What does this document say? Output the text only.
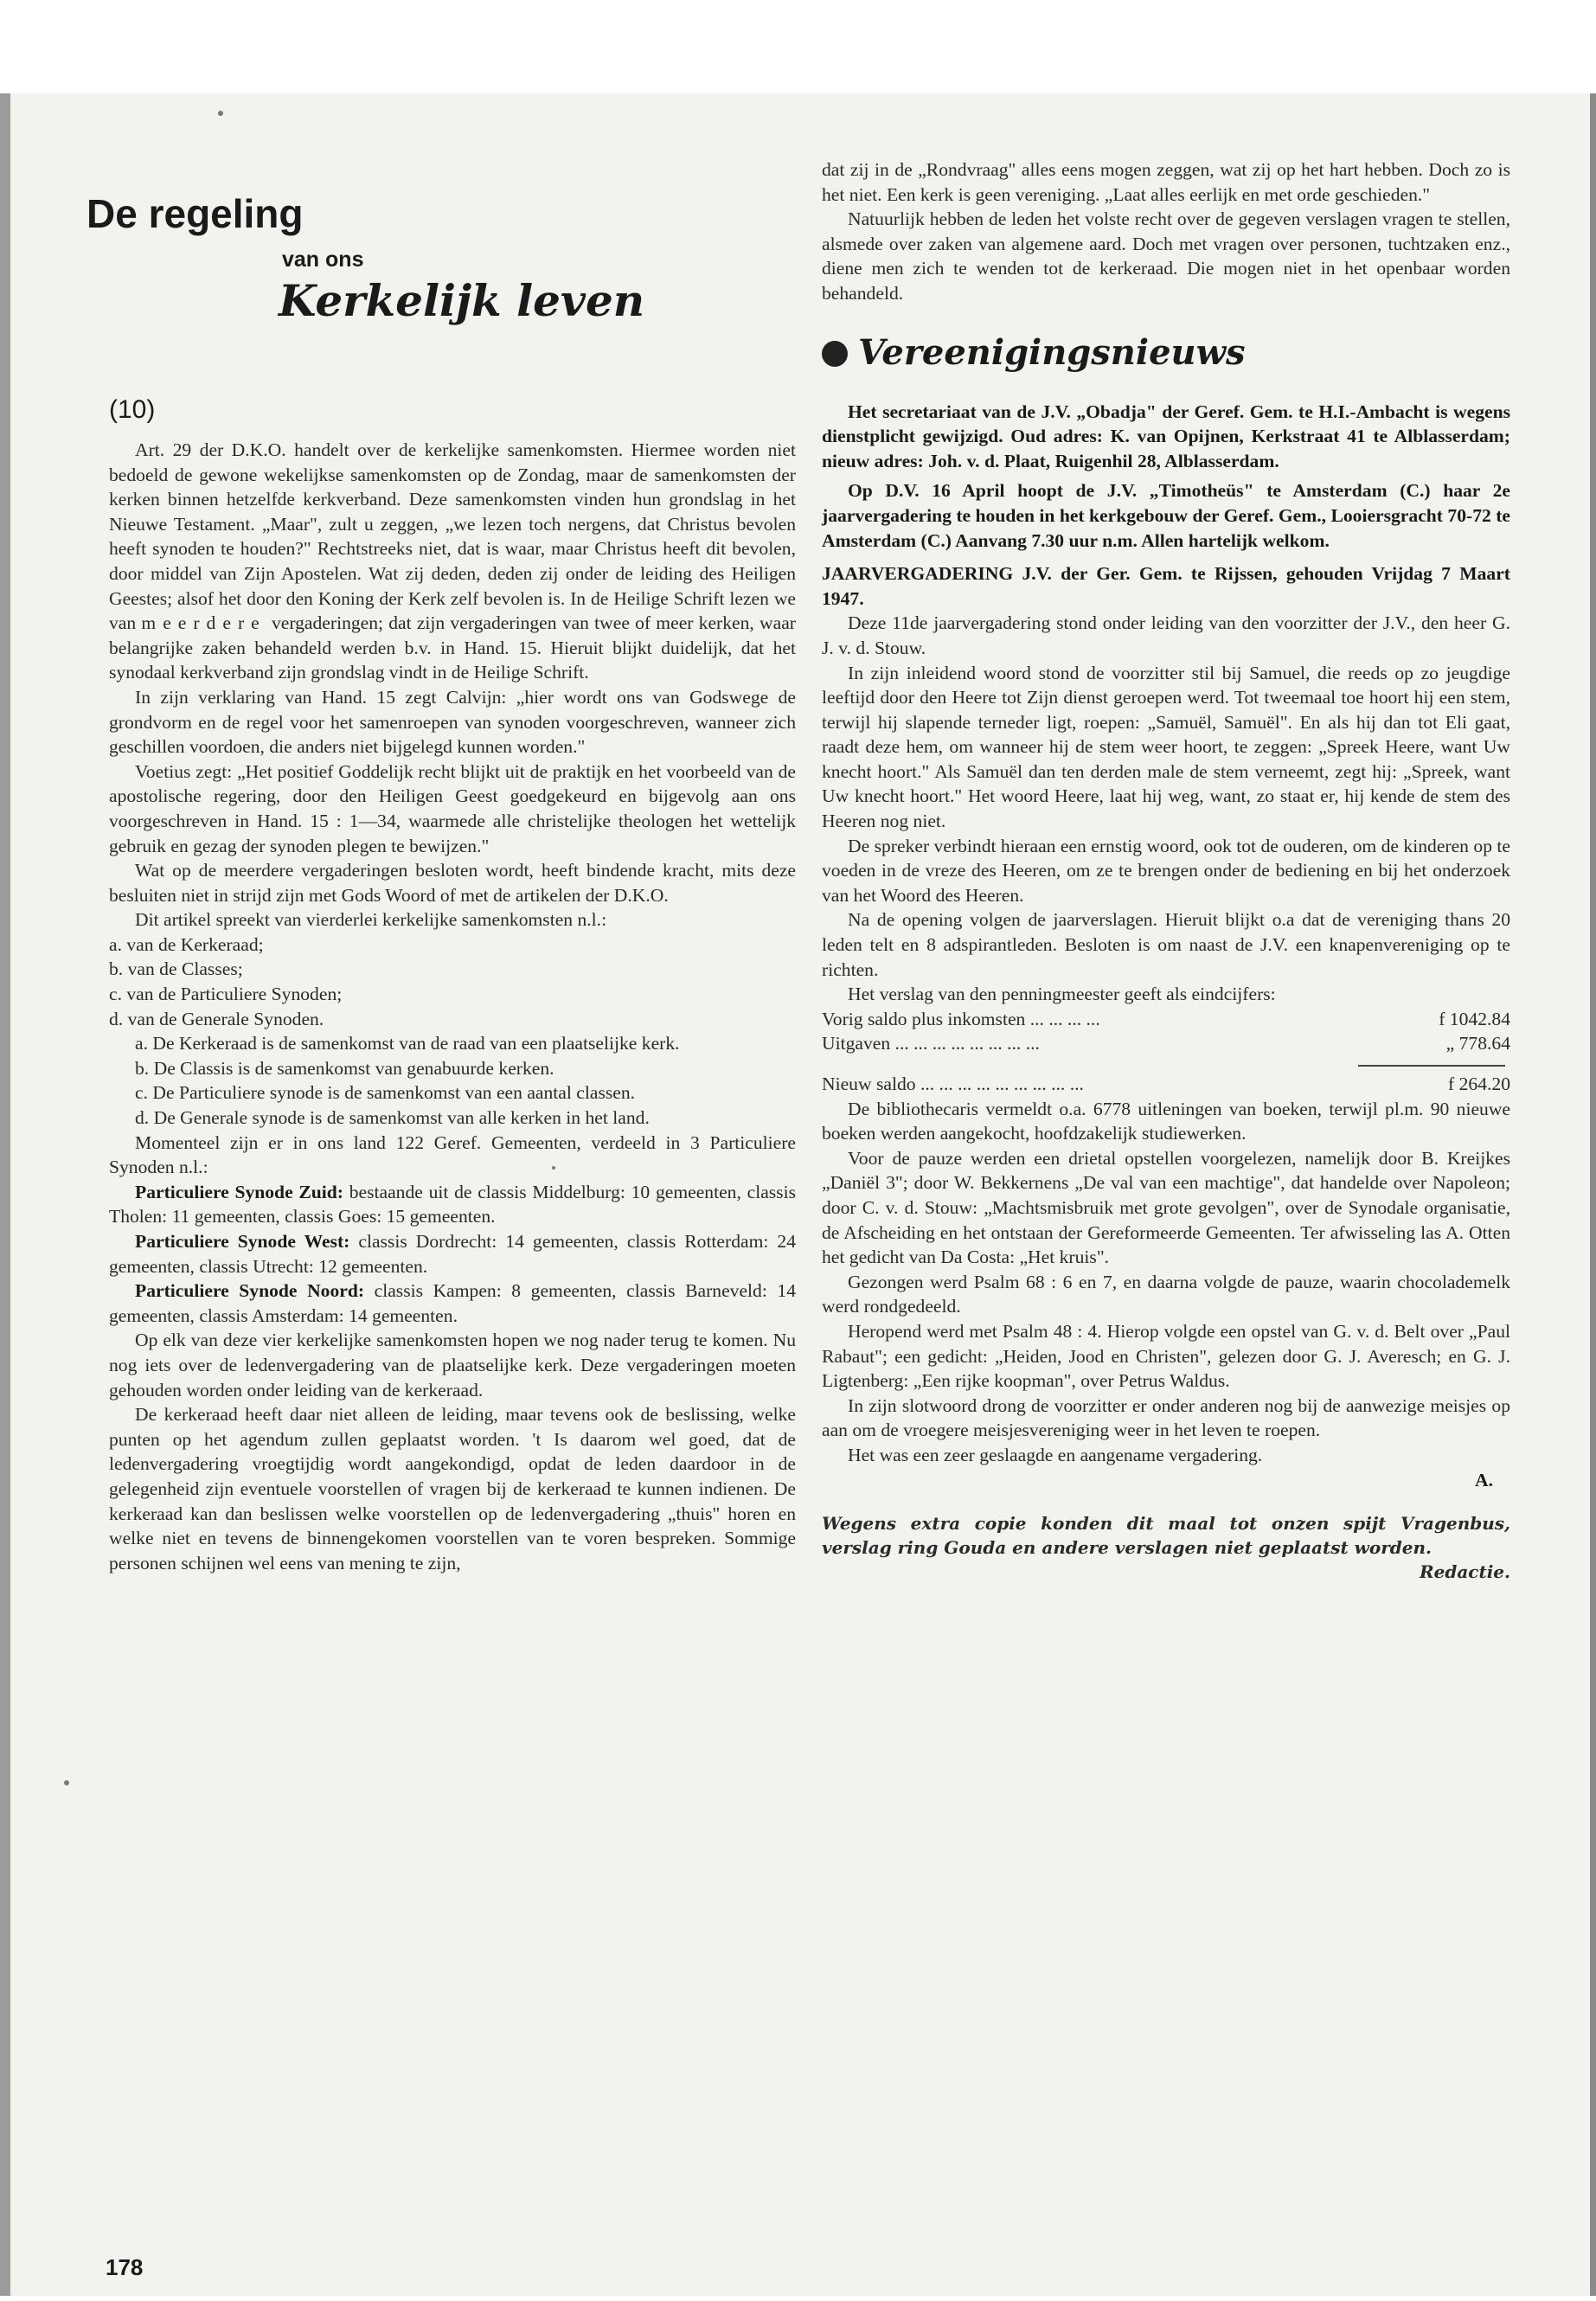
De regeling
van ons
Kerkelijk leven
(10)

Art. 29 der D.K.O. handelt over de kerkelijke samenkomsten. Hiermee worden niet bedoeld de gewone wekelijkse samenkomsten op de Zondag, maar de samenkomsten der kerken binnen hetzelfde kerkverband. Deze samenkomsten vinden hun grondslag in het Nieuwe Testament. „Maar", zult u zeggen, „we lezen toch nergens, dat Christus bevolen heeft synoden te houden?" Rechtstreeks niet, dat is waar, maar Christus heeft dit bevolen, door middel van Zijn Apostelen. Wat zij deden, deden zij onder de leiding des Heiligen Geestes; alsof het door den Koning der Kerk zelf bevolen is. In de Heilige Schrift lezen we van meerdere vergaderingen; dat zijn vergaderingen van twee of meer kerken, waar belangrijke zaken behandeld werden b.v. in Hand. 15. Hieruit blijkt duidelijk, dat het synodaal kerkverband zijn grondslag vindt in de Heilige Schrift.

In zijn verklaring van Hand. 15 zegt Calvijn: „hier wordt ons van Godswege de grondvorm en de regel voor het samenroepen van synoden voorgeschreven, wanneer zich geschillen voordoen, die anders niet bijgelegd kunnen worden."

Voetius zegt: „Het positief Goddelijk recht blijkt uit de praktijk en het voorbeeld van de apostolische regering, door den Heiligen Geest goedgekeurd en bijgevolg aan ons voorgeschreven in Hand. 15 : 1—34, waarmede alle christelijke theologen het wettelijk gebruik en gezag der synoden plegen te bewijzen."

Wat op de meerdere vergaderingen besloten wordt, heeft bindende kracht, mits deze besluiten niet in strijd zijn met Gods Woord of met de artikelen der D.K.O.

Dit artikel spreekt van vierderlei kerkelijke samenkomsten n.l.:

a. van de Kerkeraad;

b. van de Classes;

c. van de Particuliere Synoden;

d. van de Generale Synoden.

a. De Kerkeraad is de samenkomst van de raad van een plaatselijke kerk.

b. De Classis is de samenkomst van genabuurde kerken.

c. De Particuliere synode is de samenkomst van een aantal classen.

d. De Generale synode is de samenkomst van alle kerken in het land.

Momenteel zijn er in ons land 122 Geref. Gemeenten, verdeeld in 3 Particuliere Synoden n.l.:

Particuliere Synode Zuid: bestaande uit de classis Middelburg: 10 gemeenten, classis Tholen: 11 gemeenten, classis Goes: 15 gemeenten.

Particuliere Synode West: classis Dordrecht: 14 gemeenten, classis Rotterdam: 24 gemeenten, classis Utrecht: 12 gemeenten.

Particuliere Synode Noord: classis Kampen: 8 gemeenten, classis Barneveld: 14 gemeenten, classis Amsterdam: 14 gemeenten.

Op elk van deze vier kerkelijke samenkomsten hopen we nog nader terug te komen. Nu nog iets over de ledenvergadering van de plaatselijke kerk. Deze vergaderingen moeten gehouden worden onder leiding van de kerkeraad.

De kerkeraad heeft daar niet alleen de leiding, maar tevens ook de beslissing, welke punten op het agendum zullen geplaatst worden. 't Is daarom wel goed, dat de ledenvergadering vroegtijdig wordt aangekondigd, opdat de leden daardoor in de gelegenheid zijn eventuele voorstellen of vragen bij de kerkeraad te kunnen indienen. De kerkeraad kan dan beslissen welke voorstellen op de ledenvergadering „thuis" horen en welke niet en tevens de binnengekomen voorstellen van te voren bespreken. Sommige personen schijnen wel eens van mening te zijn,

dat zij in de „Rondvraag" alles eens mogen zeggen, wat zij op het hart hebben. Doch zo is het niet. Een kerk is geen vereniging. „Laat alles eerlijk en met orde geschieden."

Natuurlijk hebben de leden het volste recht over de gegeven verslagen vragen te stellen, alsmede over zaken van algemene aard. Doch met vragen over personen, tuchtzaken enz., diene men zich te wenden tot de kerkeraad. Die mogen niet in het openbaar worden behandeld.

Vereenigingsnieuws

Het secretariaat van de J.V. „Obadja" der Geref. Gem. te H.I.-Ambacht is wegens dienstplicht gewijzigd. Oud adres: K. van Opijnen, Kerkstraat 41 te Alblasserdam; nieuw adres: Joh. v. d. Plaat, Ruigenhil 28, Alblasserdam.

Op D.V. 16 April hoopt de J.V. „Timotheüs" te Amsterdam (C.) haar 2e jaarvergadering te houden in het kerkgebouw der Geref. Gem., Looiersgracht 70-72 te Amsterdam (C.) Aanvang 7.30 uur n.m. Allen hartelijk welkom.

JAARVERGADERING J.V. der Ger. Gem. te Rijssen, gehouden Vrijdag 7 Maart 1947.

Deze 11de jaarvergadering stond onder leiding van den voorzitter der J.V., den heer G. J. v. d. Stouw.

In zijn inleidend woord stond de voorzitter stil bij Samuel, die reeds op zo jeugdige leeftijd door den Heere tot Zijn dienst geroepen werd. Tot tweemaal toe hoort hij een stem, terwijl hij slapende terneder ligt, roepen: „Samuël, Samuël". En als hij dan tot Eli gaat, raadt deze hem, om wanneer hij de stem weer hoort, te zeggen: „Spreek Heere, want Uw knecht hoort." Als Samuël dan ten derden male de stem verneemt, zegt hij: „Spreek, want Uw knecht hoort." Het woord Heere, laat hij weg, want, zo staat er, hij kende de stem des Heeren nog niet.

De spreker verbindt hieraan een ernstig woord, ook tot de ouderen, om de kinderen op te voeden in de vreze des Heeren, om ze te brengen onder de bediening en bij het onderzoek van het Woord des Heeren.

Na de opening volgen de jaarverslagen. Hieruit blijkt o.a dat de vereniging thans 20 leden telt en 8 adspirantleden. Besloten is om naast de J.V. een knapenvereniging op te richten.

Het verslag van den penningmeester geeft als eindcijfers:

Vorig saldo plus inkomsten ... ... ... ...	f 1042.84
Uitgaven ... ... ... ... ... ... ... ...	„ 778.64
Nieuw saldo ... ... ... ... ... ... ... ... ...	f 264.20

De bibliothecaris vermeldt o.a. 6778 uitleningen van boeken, terwijl pl.m. 90 nieuwe boeken werden aangekocht, hoofdzakelijk studiewerken.

Voor de pauze werden een drietal opstellen voorgelezen, namelijk door B. Kreijkes „Daniël 3"; door W. Bekkernens „De val van een machtige", dat handelde over Napoleon; door C. v. d. Stouw: „Machtsmisbruik met grote gevolgen", over de Synodale organisatie, de Afscheiding en het ontstaan der Gereformeerde Gemeenten. Ter afwisseling las A. Otten het gedicht van Da Costa: „Het kruis".

Gezongen werd Psalm 68 : 6 en 7, en daarna volgde de pauze, waarin chocolademelk werd rondgedeeld.

Heropend werd met Psalm 48 : 4. Hierop volgde een opstel van G. v. d. Belt over „Paul Rabaut"; een gedicht: „Heiden, Jood en Christen", gelezen door G. J. Averesch; en G. J. Ligtenberg: „Een rijke koopman", over Petrus Waldus.

In zijn slotwoord drong de voorzitter er onder anderen nog bij de aanwezige meisjes op aan om de vroegere meisjesvereniging weer in het leven te roepen.

Het was een zeer geslaagde en aangename vergadering.

A.

Wegens extra copie konden dit maal tot onzen spijt Vragenbus, verslag ring Gouda en andere verslagen niet geplaatst worden.
Redactie.
178
